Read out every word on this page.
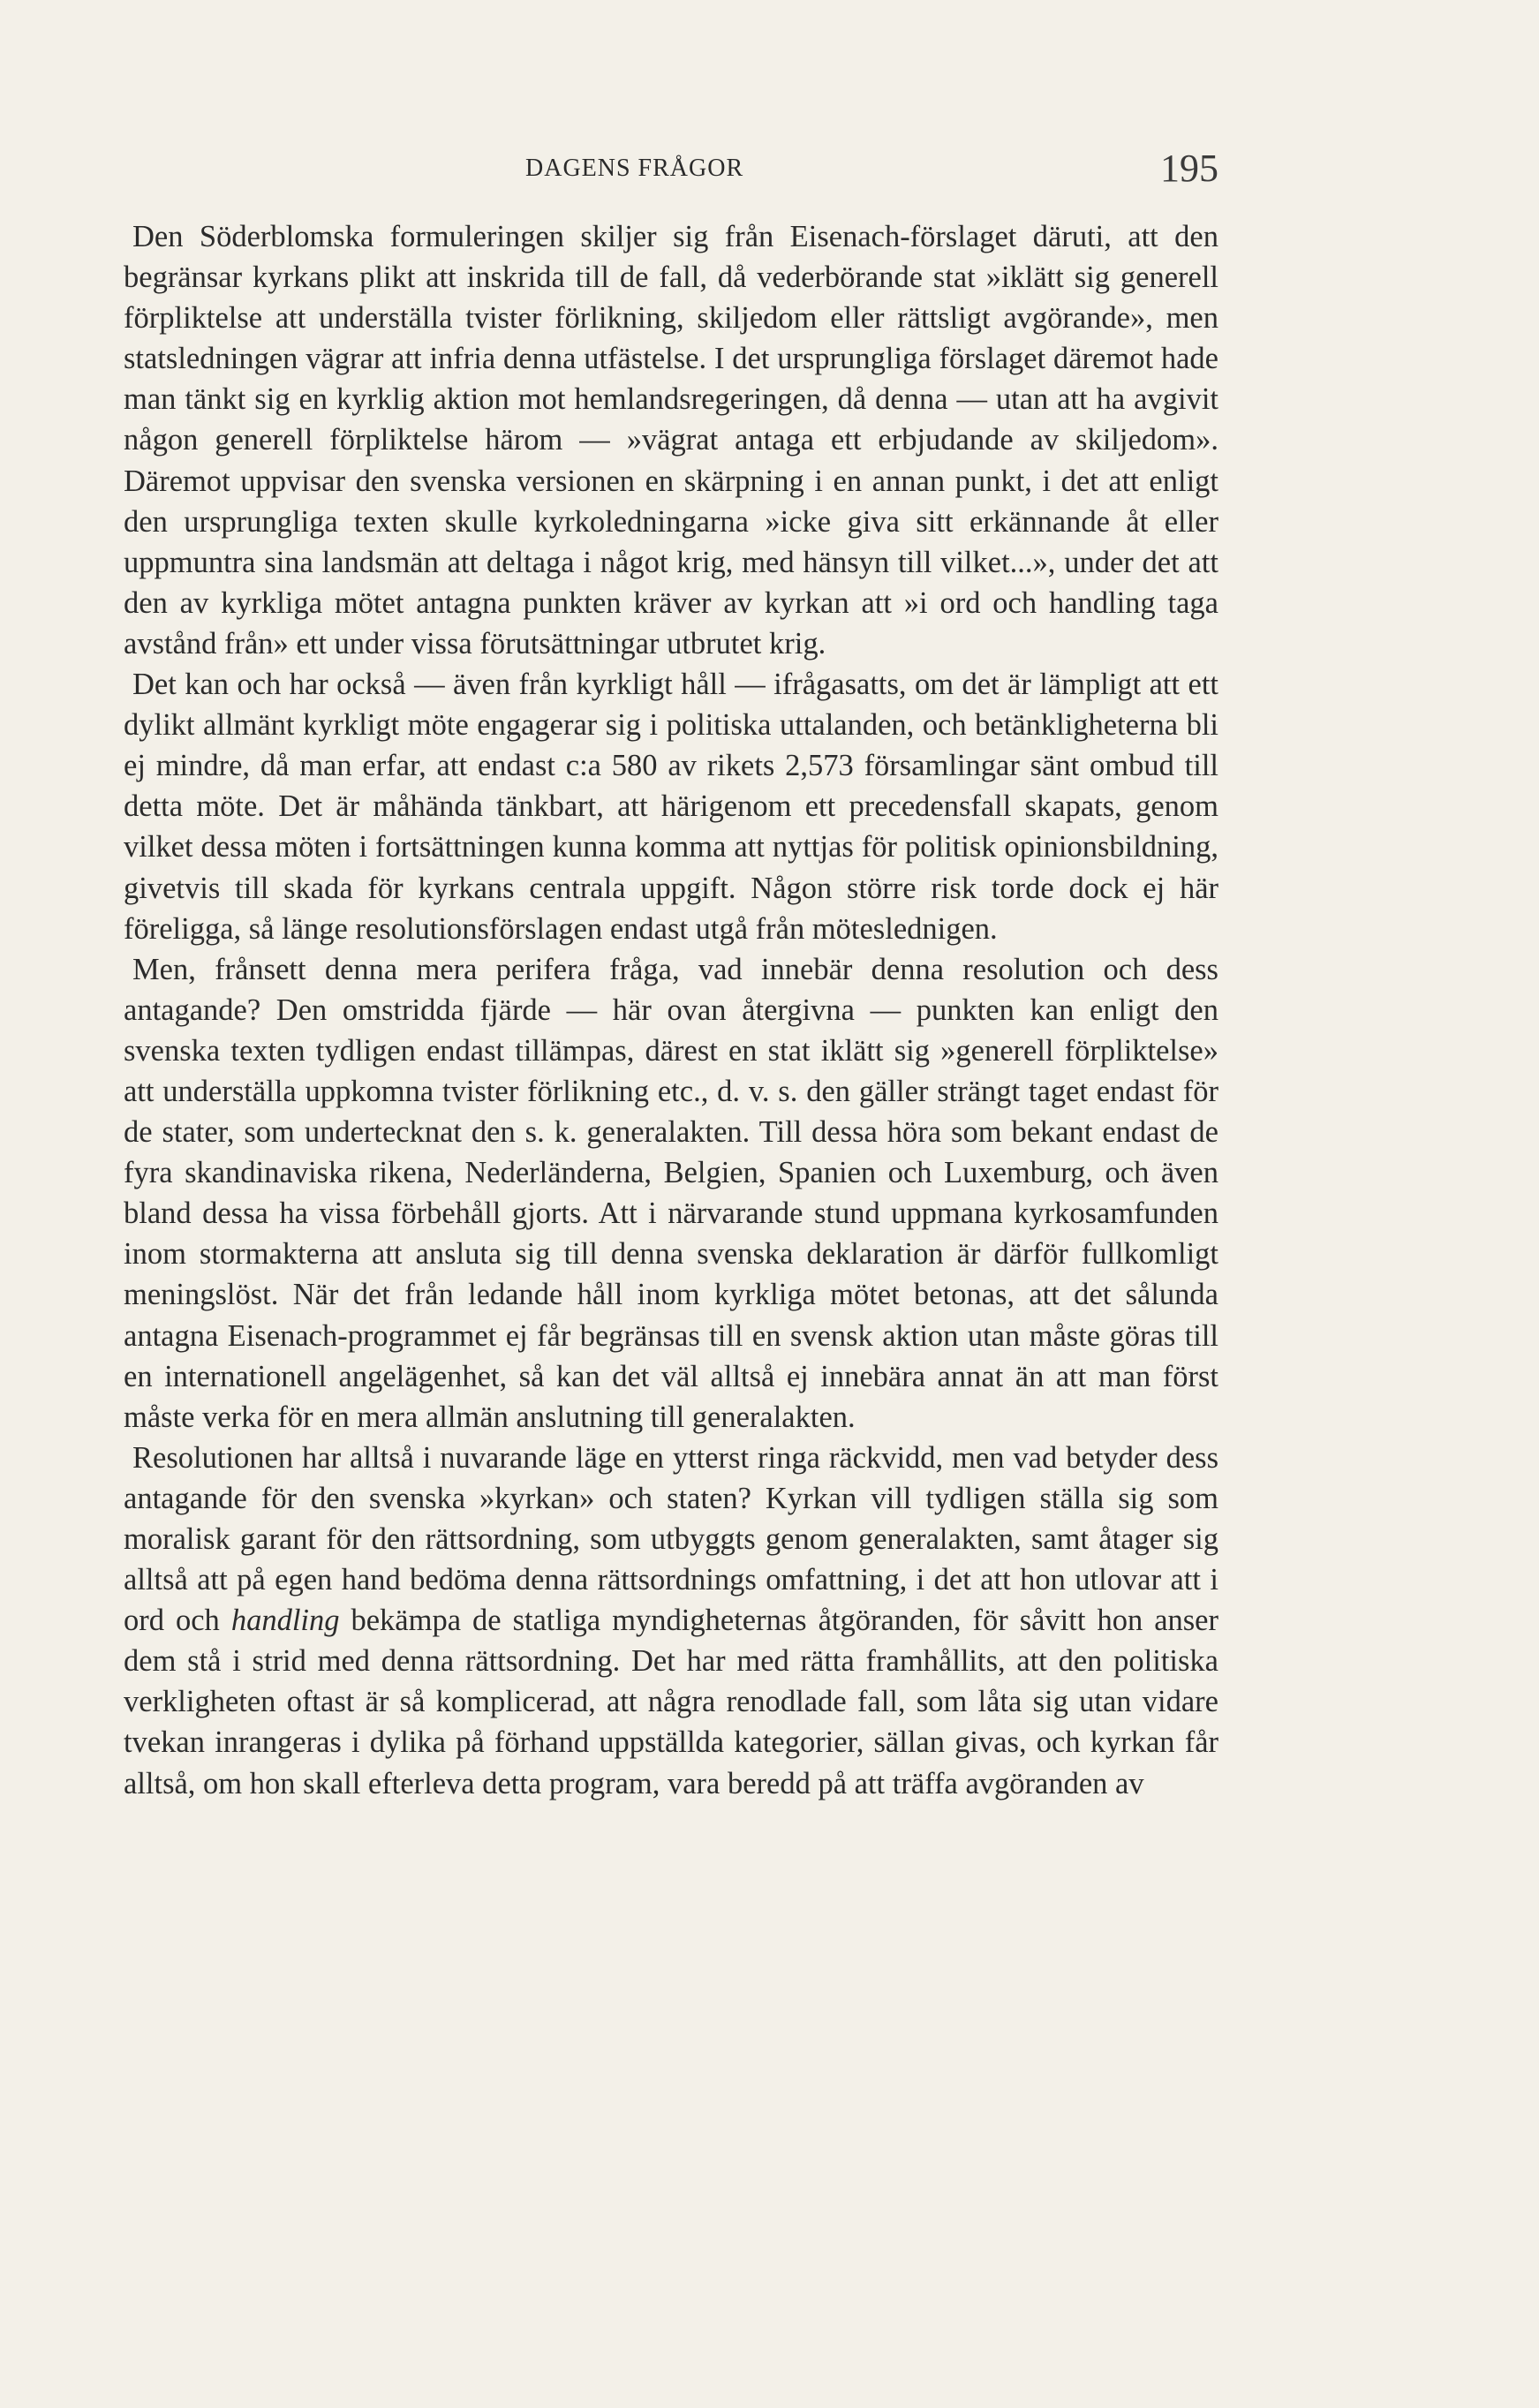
DAGENS FRÅGOR	195

Den Söderblomska formuleringen skiljer sig från Eisenach-förslaget däruti, att den begränsar kyrkans plikt att inskrida till de fall, då vederbörande stat »iklätt sig generell förpliktelse att underställa tvister förlikning, skiljedom eller rättsligt avgörande», men statsledningen vägrar att infria denna utfästelse. I det ursprungliga förslaget däremot hade man tänkt sig en kyrklig aktion mot hemlandsregeringen, då denna — utan att ha avgivit någon generell förpliktelse härom — »vägrat antaga ett erbjudande av skiljedom». Däremot uppvisar den svenska versionen en skärpning i en annan punkt, i det att enligt den ursprungliga texten skulle kyrkoledningarna »icke giva sitt erkännande åt eller uppmuntra sina landsmän att deltaga i något krig, med hänsyn till vilket...», under det att den av kyrkliga mötet antagna punkten kräver av kyrkan att »i ord och handling taga avstånd från» ett under vissa förutsättningar utbrutet krig.

Det kan och har också — även från kyrkligt håll — ifrågasatts, om det är lämpligt att ett dylikt allmänt kyrkligt möte engagerar sig i politiska uttalanden, och betänkligheterna bli ej mindre, då man erfar, att endast c:a 580 av rikets 2,573 församlingar sänt ombud till detta möte. Det är måhända tänkbart, att härigenom ett precedensfall skapats, genom vilket dessa möten i fortsättningen kunna komma att nyttjas för politisk opinionsbildning, givetvis till skada för kyrkans centrala uppgift. Någon större risk torde dock ej här föreligga, så länge resolutionsförslagen endast utgå från möteslednigen.

Men, frånsett denna mera perifera fråga, vad innebär denna resolution och dess antagande? Den omstridda fjärde — här ovan återgivna — punkten kan enligt den svenska texten tydligen endast tillämpas, därest en stat iklätt sig »generell förpliktelse» att underställa uppkomna tvister förlikning etc., d. v. s. den gäller strängt taget endast för de stater, som undertecknat den s. k. generalakten. Till dessa höra som bekant endast de fyra skandinaviska rikena, Nederländerna, Belgien, Spanien och Luxemburg, och även bland dessa ha vissa förbehåll gjorts. Att i närvarande stund uppmana kyrkosamfunden inom stormakterna att ansluta sig till denna svenska deklaration är därför fullkomligt meningslöst. När det från ledande håll inom kyrkliga mötet betonas, att det sålunda antagna Eisenach-programmet ej får begränsas till en svensk aktion utan måste göras till en internationell angelägenhet, så kan det väl alltså ej innebära annat än att man först måste verka för en mera allmän anslutning till generalakten.

Resolutionen har alltså i nuvarande läge en ytterst ringa räckvidd, men vad betyder dess antagande för den svenska »kyrkan» och staten? Kyrkan vill tydligen ställa sig som moralisk garant för den rättsordning, som utbyggts genom generalakten, samt åtager sig alltså att på egen hand bedöma denna rättsordnings omfattning, i det att hon utlovar att i ord och handling bekämpa de statliga myndigheternas åtgöranden, för såvitt hon anser dem stå i strid med denna rättsordning. Det har med rätta framhållits, att den politiska verkligheten oftast är så komplicerad, att några renodlade fall, som låta sig utan vidare tvekan inrangeras i dylika på förhand uppställda kategorier, sällan givas, och kyrkan får alltså, om hon skall efterleva detta program, vara beredd på att träffa avgöranden av
